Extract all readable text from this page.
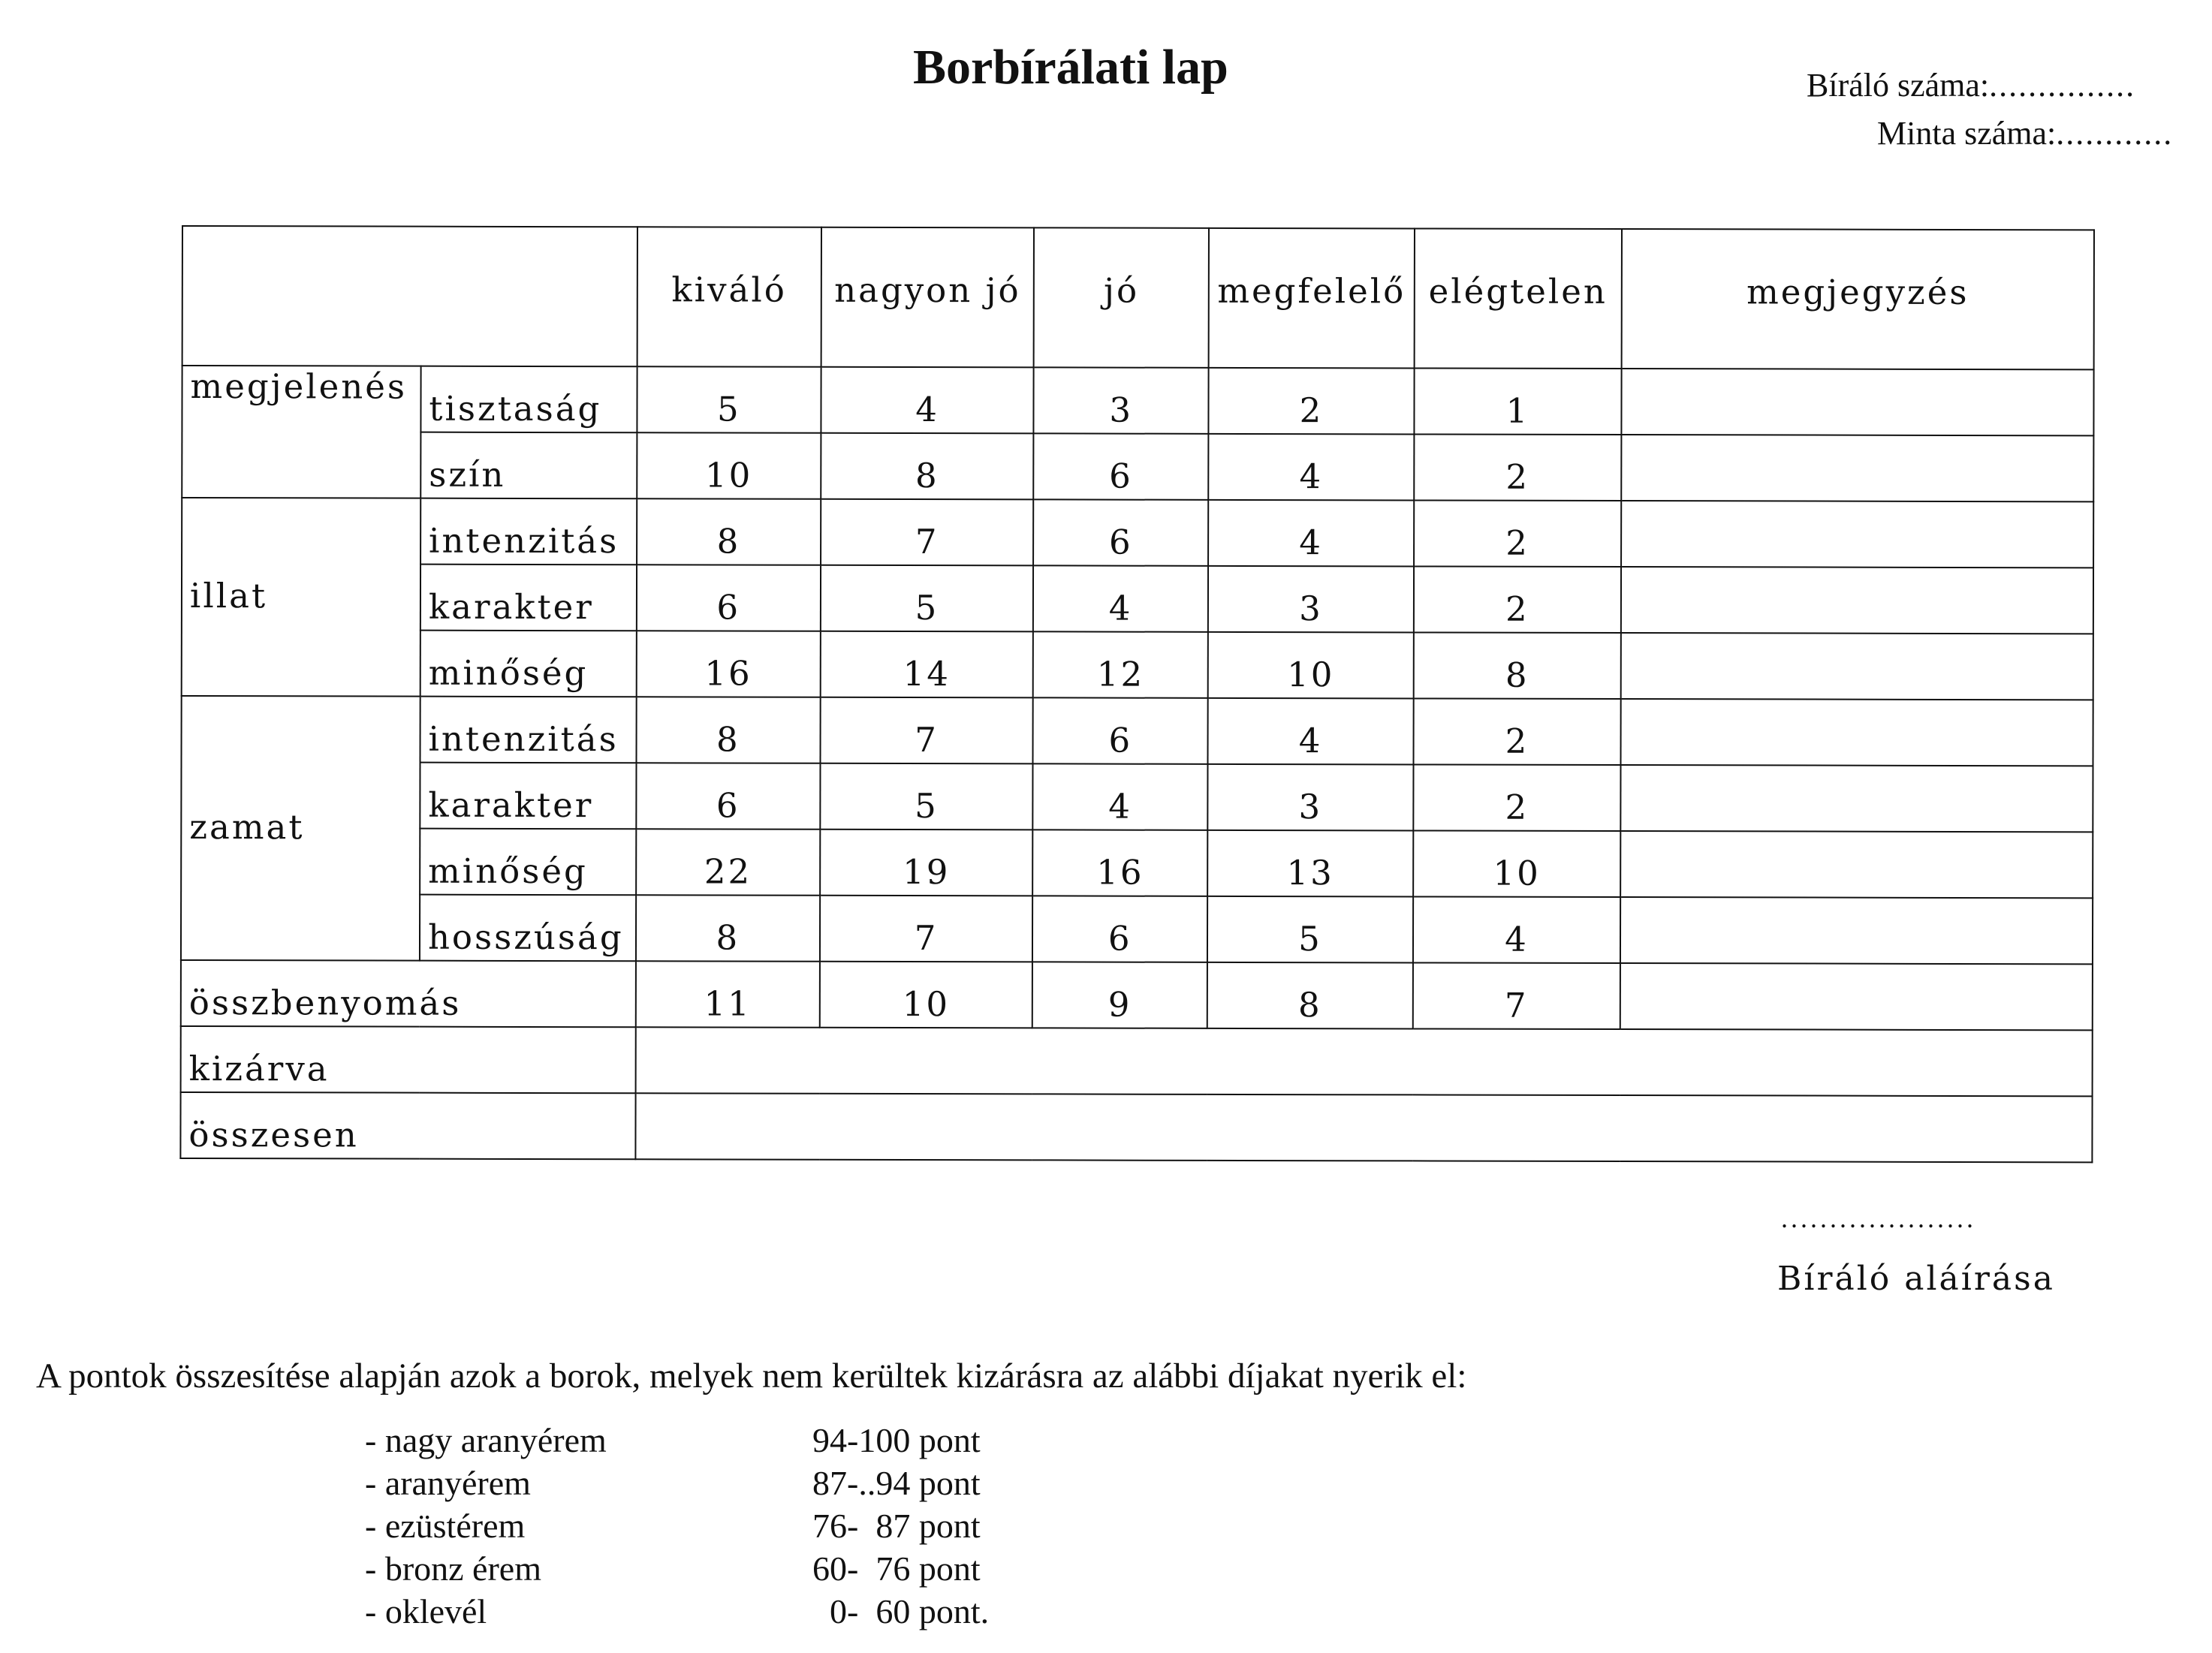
Borbírálati lap	Bíráló száma:...............
Minta száma:............
		kiváló	nagyon jó	jó	megfelelő	elégtelen	megjegyzés
megjelenés	tisztaság	5	4	3	2	1	
	szín	10	8	6	4	2	
illat	intenzitás	8	7	6	4	2	
	karakter	6	5	4	3	2	
	minőség	16	14	12	10	8	
zamat	intenzitás	8	7	6	4	2	
	karakter	6	5	4	3	2	
	minőség	22	19	16	13	10	
	hosszúság	8	7	6	5	4	
összbenyomás		11	10	9	8	7	
kizárva							
összesen							
....................
Bíráló aláírása

A pontok összesítése alapján azok a borok, melyek nem kerültek kizárásra az alábbi díjakat nyerik el:

- nagy aranyérem	94-100 pont
- aranyérem	87-..94 pont
- ezüstérem	76-  87 pont
- bronz érem	60-  76 pont
- oklevél	0-  60 pont.
